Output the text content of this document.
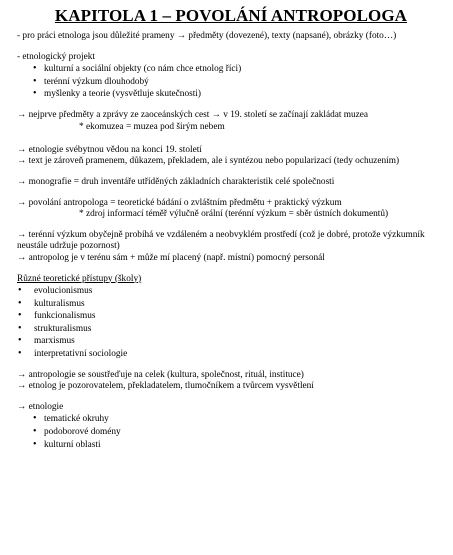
KAPITOLA 1 – POVOLÁNÍ ANTROPOLOGA

- pro práci etnologa jsou důležité prameny → předměty (dovezené), texty (napsané), obrázky (foto…)

- etnologický projekt

• kulturní a sociální objekty (co nám chce etnolog říci)
• terénní výzkum dlouhodobý
• myšlenky a teorie (vysvětluje skutečnosti)

→ nejprve předměty a zprávy ze zaoceánských cest → v 19. století se začínají zakládat muzea

* ekomuzea = muzea pod širým nebem

→ etnologie svébytnou vědou na konci 19. století

→ text je zároveň pramenem, důkazem, překladem, ale i syntézou nebo popularizací (tedy ochuzením)

→ monografie = druh inventáře utříděných základních charakteristik celé společnosti

→ povolání antropologa = teoretické bádání o zvláštním předmětu + praktický výzkum

* zdroj informací téměř výlučně orální (terénní výzkum = sběr ústních dokumentů)

→ terénní výzkum obyčejně probíhá ve vzdáleném a neobvyklém prostředí (což je dobré, protože výzkumník neustále udržuje pozornost)

→ antropolog je v terénu sám + může mí placený (např. místní) pomocný personál

Různé teoretické přístupy (školy)

• evolucionismus
• kulturalismus
• funkcionalismus
• strukturalismus
• marxismus
• interpretativní sociologie

→ antropologie se soustřeďuje na celek (kultura, společnost, rituál, instituce)

→ etnolog je pozorovatelem, překladatelem, tlumočníkem a tvůrcem vysvětlení

→ etnologie

• tematické okruhy
• podoborové domény
• kulturní oblasti
